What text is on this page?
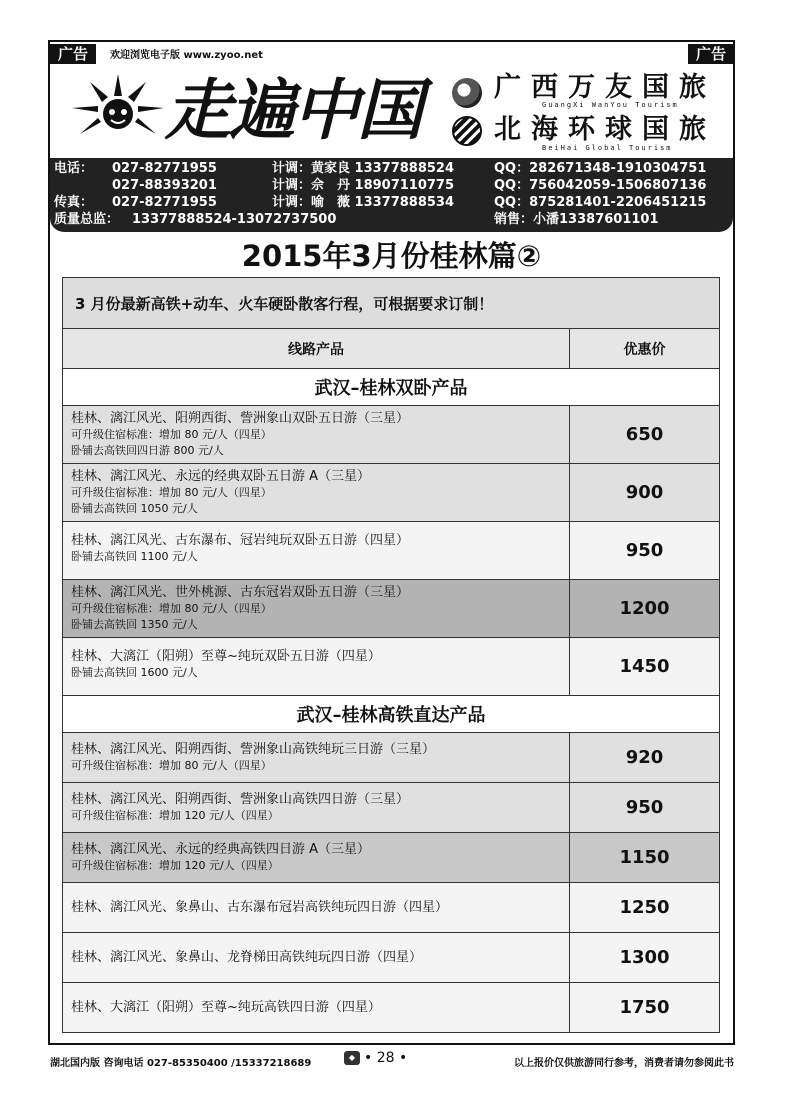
广告	欢迎浏览电子版 www.zyoo.net	广告
走遍中国	广西万友国旅
GuangXi WanYou Tourism
北海环球国旅
BeiHai Global Tourism
电话： 027-82771955
027-88393201
传真： 027-82771955
质量总监： 13377888524-13072737500
计调：黄家良 13377888524
计调：佘　丹 18907110775
计调：喻　薇 13377888534
QQ：282671348-1910304751
QQ：756042059-1506807136
QQ：875281401-2206451215
销售：小潘13387601101
2015年3月份桂林篇②
3 月份最新高铁+动车、火车硬卧散客行程，可根据要求订制！
线路产品	优惠价
武汉–桂林双卧产品
桂林、漓江风光、阳朔西街、訾洲象山双卧五日游（三星）
可升级住宿标准：增加 80 元/人（四星）
卧铺去高铁回四日游 800 元/人
650
桂林、漓江风光、永远的经典双卧五日游 A（三星）
可升级住宿标准：增加 80 元/人（四星）
卧铺去高铁回 1050 元/人
900
桂林、漓江风光、古东瀑布、冠岩纯玩双卧五日游（四星）
卧铺去高铁回 1100 元/人	950
桂林、漓江风光、世外桃源、古东冠岩双卧五日游（三星）
可升级住宿标准：增加 80 元/人（四星）
卧铺去高铁回 1350 元/人
1200
桂林、大漓江（阳朔）至尊~纯玩双卧五日游（四星）
卧铺去高铁回 1600 元/人	1450
武汉–桂林高铁直达产品
桂林、漓江风光、阳朔西街、訾洲象山高铁纯玩三日游（三星）
可升级住宿标准：增加 80 元/人（四星）	920
桂林、漓江风光、阳朔西街、訾洲象山高铁四日游（三星）
可升级住宿标准：增加 120 元/人（四星）	950
桂林、漓江风光、永远的经典高铁四日游 A（三星）
可升级住宿标准：增加 120 元/人（四星）	1150
桂林、漓江风光、象鼻山、古东瀑布冠岩高铁纯玩四日游（四星）	1250
桂林、漓江风光、象鼻山、龙脊梯田高铁纯玩四日游（四星）	1300
桂林、大漓江（阳朔）至尊~纯玩高铁四日游（四星）	1750
湖北国内版 咨询电话 027-85350400 /15337218689
◆ • 28 •	以上报价仅供旅游同行参考，消费者请勿参阅此书
